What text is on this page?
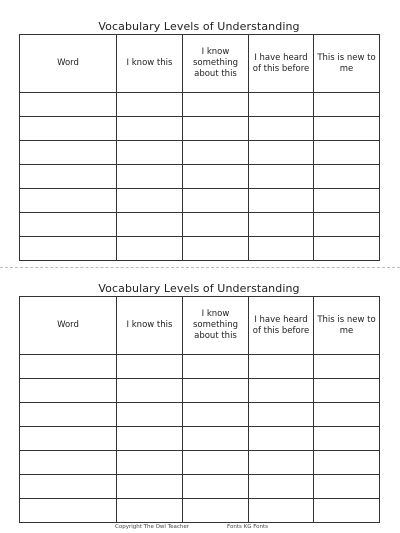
Vocabulary Levels of Understanding
Word	I know this	I know something about this	I have heard of this before	This is new to me

Vocabulary Levels of Understanding
Word	I know this	I know something about this	I have heard of this before	This is new to me

Copyright The Owl Teacher	Fonts KG Fonts
